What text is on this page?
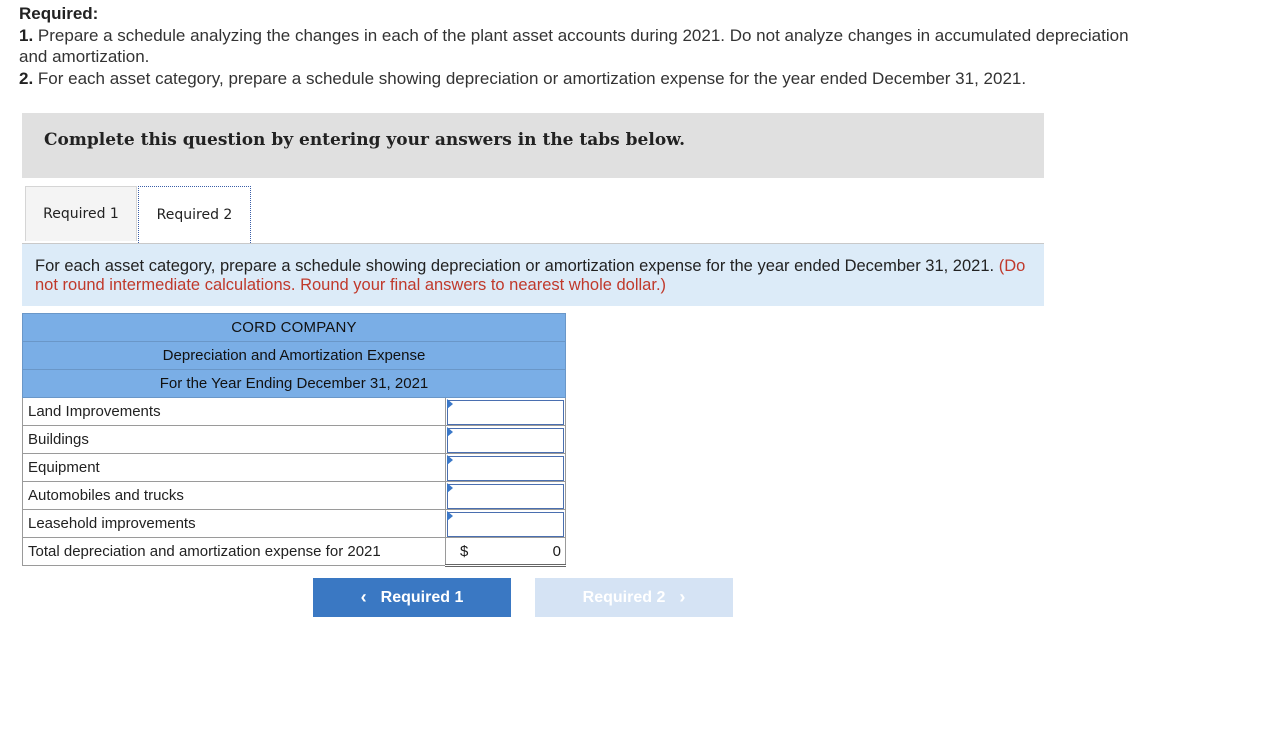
Required:
1. Prepare a schedule analyzing the changes in each of the plant asset accounts during 2021. Do not analyze changes in accumulated depreciation and amortization.
2. For each asset category, prepare a schedule showing depreciation or amortization expense for the year ended December 31, 2021.
Complete this question by entering your answers in the tabs below.
Required 1	Required 2
For each asset category, prepare a schedule showing depreciation or amortization expense for the year ended December 31, 2021. (Do not round intermediate calculations. Round your final answers to nearest whole dollar.)
CORD COMPANY	
Depreciation and Amortization Expense	
For the Year Ending December 31, 2021	
Land Improvements	

Buildings	

Equipment	

Automobiles and trucks	

Leasehold improvements	

Total depreciation and amortization expense for 2021	$ 0
‹ Required 1	Required 2 ›
